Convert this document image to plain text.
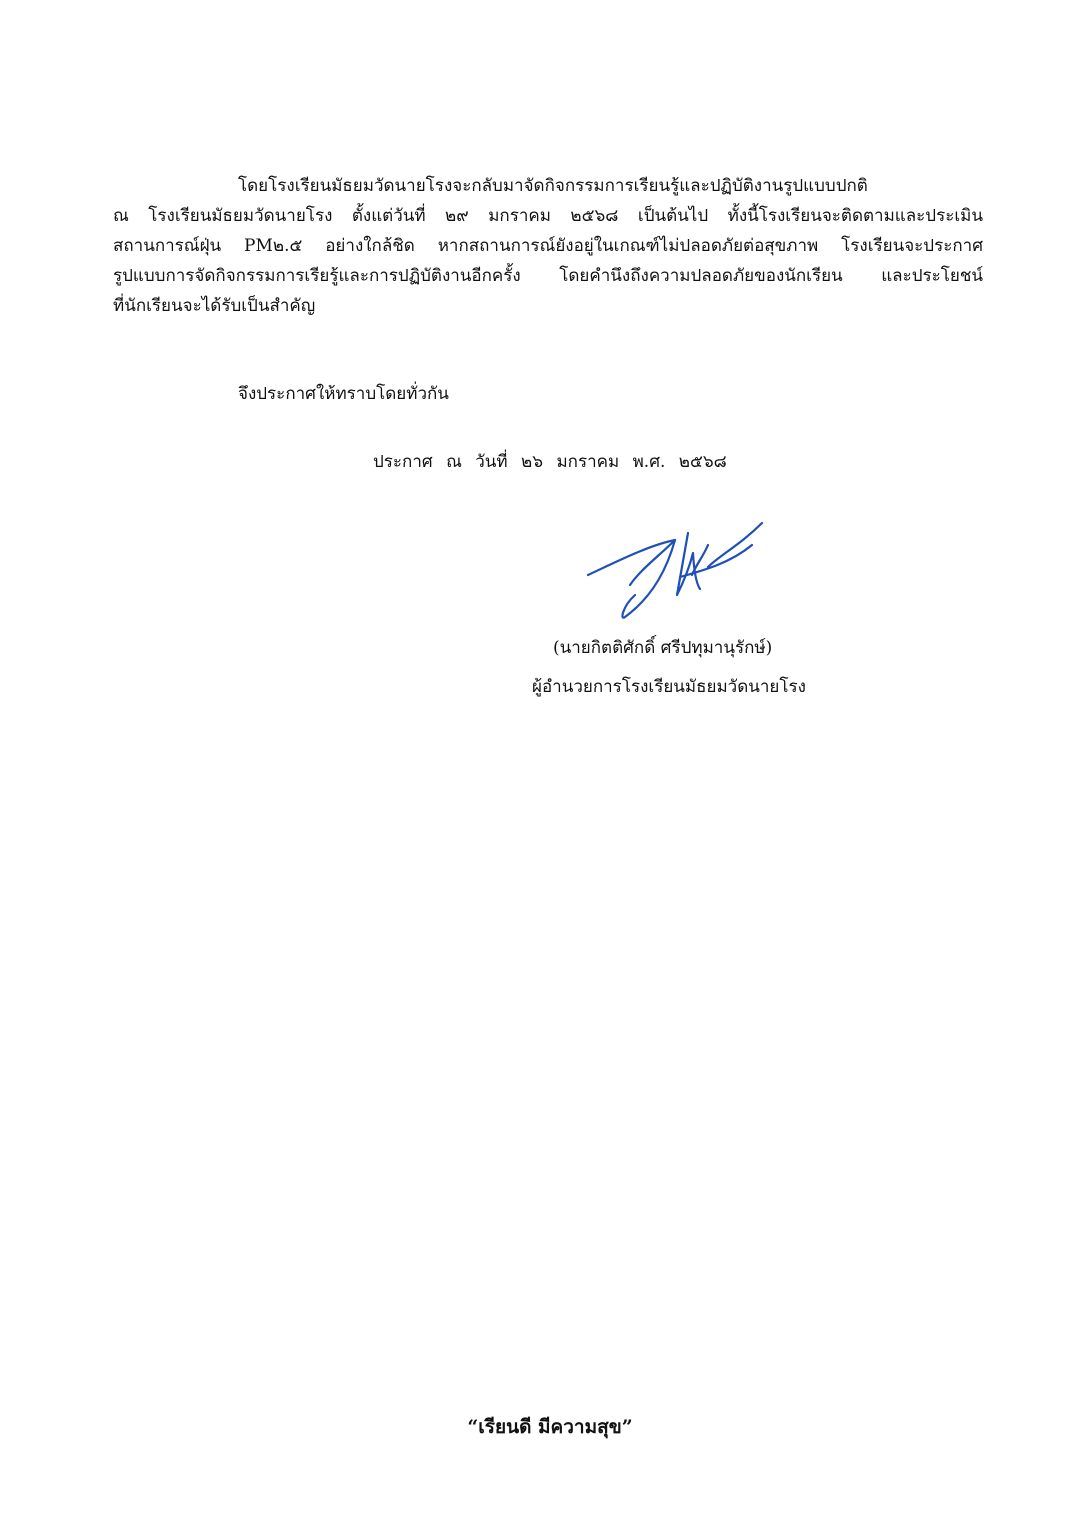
โดยโรงเรียนมัธยมวัดนายโรงจะกลับมาจัดกิจกรรมการเรียนรู้และปฏิบัติงานรูปแบบปกติ
ณ โรงเรียนมัธยมวัดนายโรง ตั้งแต่วันที่ ๒๙ มกราคม ๒๕๖๘ เป็นต้นไป ทั้งนี้โรงเรียนจะติดตามและประเมิน
สถานการณ์ฝุ่น PM๒.๕ อย่างใกล้ชิด หากสถานการณ์ยังอยู่ในเกณฑ์ไม่ปลอดภัยต่อสุขภาพ โรงเรียนจะประกาศ
รูปแบบการจัดกิจกรรมการเรียรู้และการปฏิบัติงานอีกครั้ง โดยคำนึงถึงความปลอดภัยของนักเรียน และประโยชน์
ที่นักเรียนจะได้รับเป็นสำคัญ
จึงประกาศให้ทราบโดยทั่วกัน
ประกาศ ณ วันที่ ๒๖ มกราคม พ.ศ. ๒๕๖๘
(นายกิตติศักดิ์ ศรีปทุมานุรักษ์)
ผู้อำนวยการโรงเรียนมัธยมวัดนายโรง
“เรียนดี มีความสุข”
